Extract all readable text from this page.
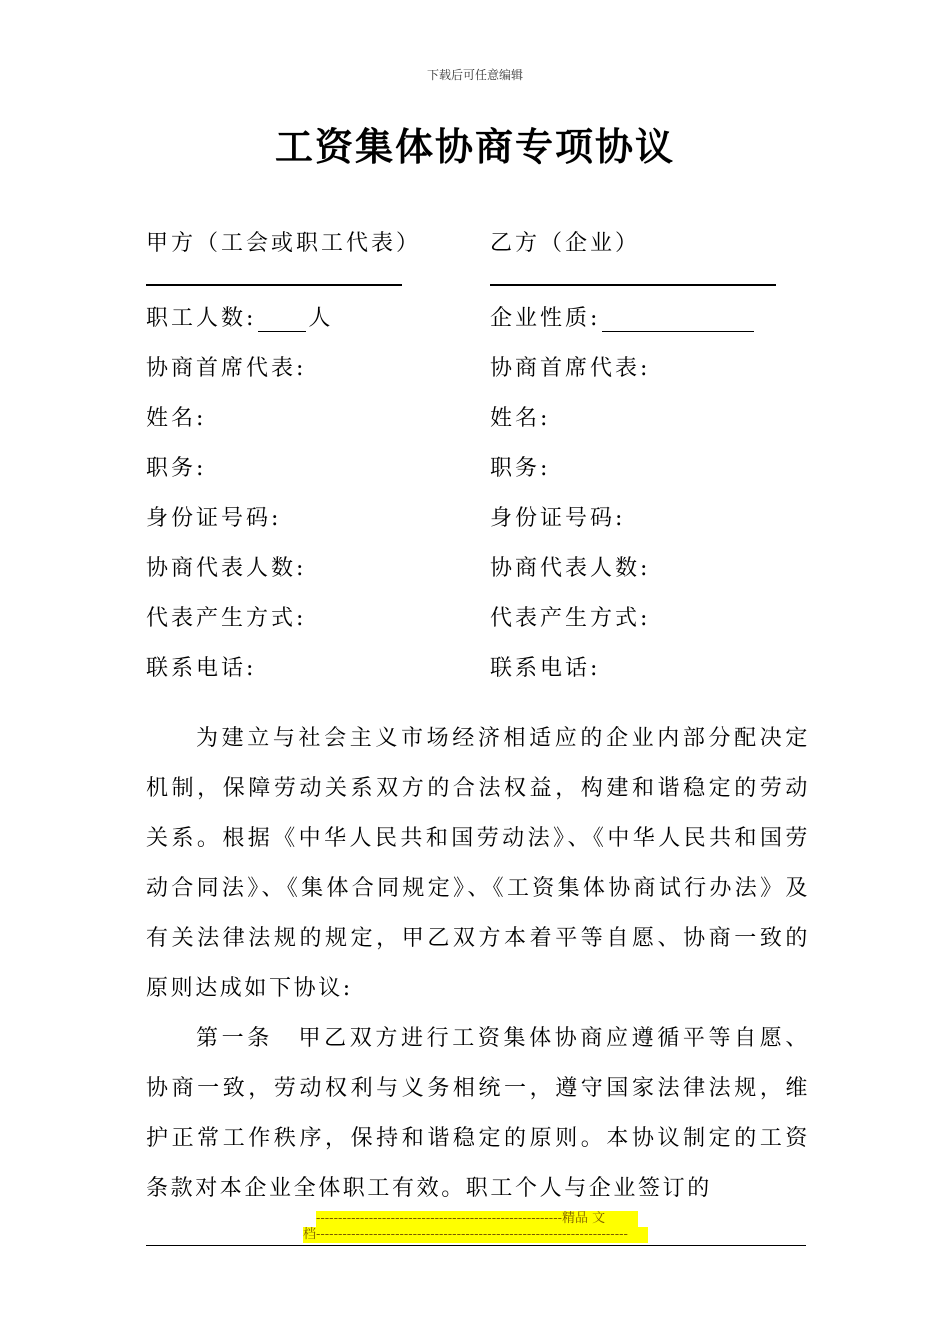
下载后可任意编辑
工资集体协商专项协议
甲方（工会或职工代表）	乙方（企业）
职工人数: 人	企业性质:
协商首席代表:	协商首席代表:
姓名:	姓名:
职务:	职务:
身份证号码:	身份证号码:
协商代表人数:	协商代表人数:
代表产生方式:	代表产生方式:
联系电话:	联系电话:
为建立与社会主义市场经济相适应的企业内部分配决定机制，保障劳动关系双方的合法权益，构建和谐稳定的劳动关系。根据《中华人民共和国劳动法》、《中华人民共和国劳动合同法》、《集体合同规定》、《工资集体协商试行办法》及有关法律法规的规定，甲乙双方本着平等自愿、协商一致的原则达成如下协议:
第一条　甲乙双方进行工资集体协商应遵循平等自愿、协商一致，劳动权利与义务相统一，遵守国家法律法规，维护正常工作秩序，保持和谐稳定的原则。本协议制定的工资条款对本企业全体职工有效。职工个人与企业签订的
--------------------------------------------------------精品 文
档-----------------------------------------------------------------------
